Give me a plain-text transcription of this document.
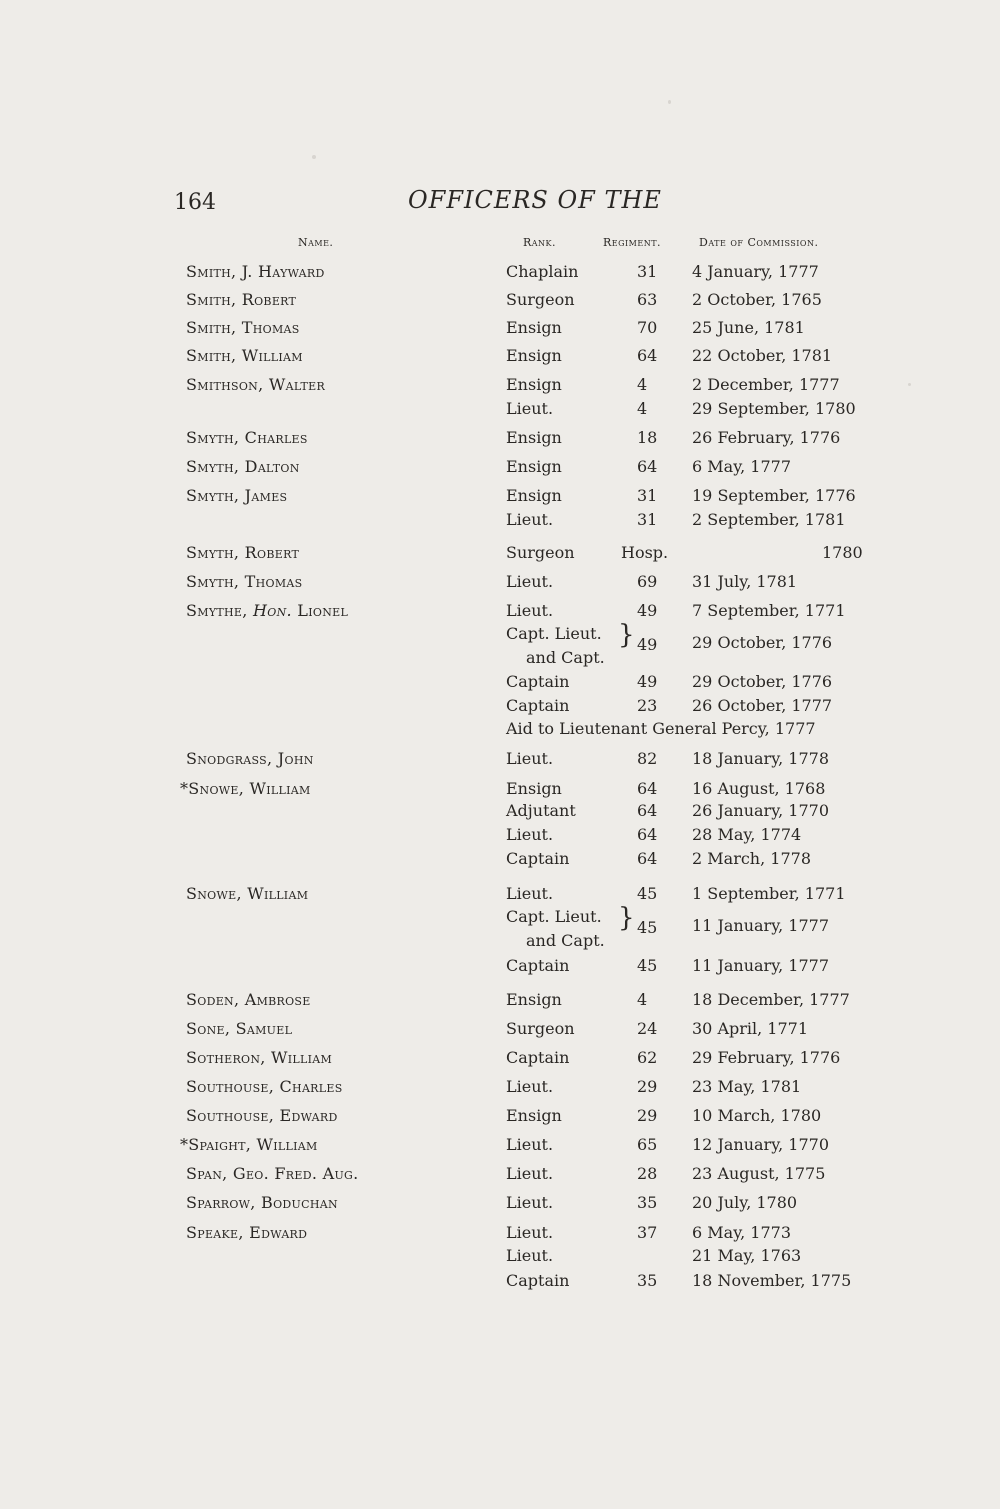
164	OFFICERS OF THE
Name.	Rank.	Regiment.	Date of Commission.
Smith, J. Hayward	Chaplain	31 4 January, 1777
Smith, Robert	Surgeon	63 2 October, 1765
Smith, Thomas	Ensign	70 25 June, 1781
Smith, William	Ensign	64 22 October, 1781
Smithson, Walter	Ensign	4	2 December, 1777
Lieut.	4	29 September, 1780
Smyth, Charles	Ensign	18 26 February, 1776
Smyth, Dalton	Ensign	64 6 May, 1777
Smyth, James	Ensign	31 19 September, 1776
Lieut.	31 2 September, 1781
Smyth, Robert	Surgeon	Hosp.	1780
Smyth, Thomas	Lieut.	69 31 July, 1781
Smythe, Hon. Lionel	Lieut.	49 7 September, 1771
Capt. Lieut.
and Capt.
} 49 29 October, 1776
Captain	49 29 October, 1776
Captain	23 26 October, 1777
Aid to Lieutenant General Percy, 1777
Snodgrass, John	Lieut.	82 18 January, 1778
*Snowe, William	Ensign	64 16 August, 1768
Adjutant	64 26 January, 1770
Lieut.	64 28 May, 1774
Captain	64 2 March, 1778
Snowe, William	Lieut.	45 1 September, 1771
Capt. Lieut.
and Capt.
} 45 11 January, 1777
Captain	45 11 January, 1777
Soden, Ambrose	Ensign	4	18 December, 1777
Sone, Samuel	Surgeon	24 30 April, 1771
Sotheron, William	Captain	62 29 February, 1776
Southouse, Charles	Lieut.	29 23 May, 1781
Southouse, Edward	Ensign	29 10 March, 1780
*Spaight, William	Lieut.	65 12 January, 1770
Span, Geo. Fred. Aug.	Lieut.	28 23 August, 1775
Sparrow, Boduchan	Lieut.	35 20 July, 1780
Speake, Edward	Lieut.	37 6 May, 1773
Lieut.	21 May, 1763
Captain	35 18 November, 1775
